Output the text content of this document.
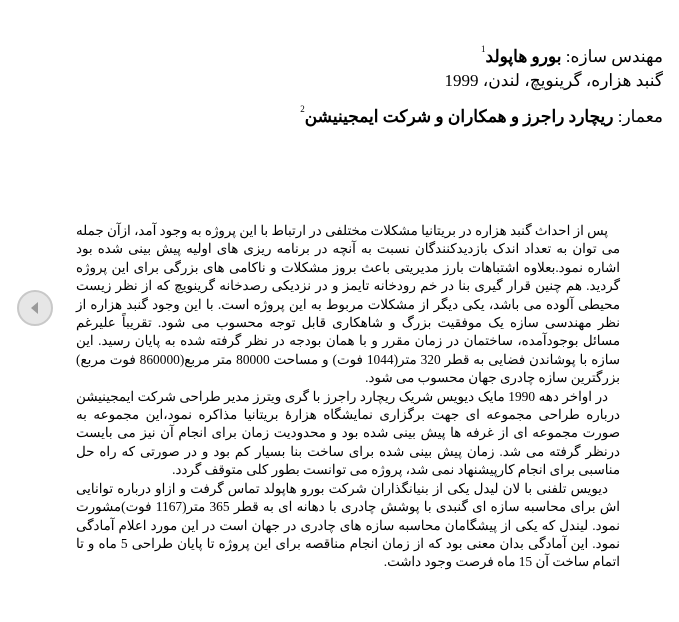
مهندس سازه: بورو هاپولد$^1$
گنبد هزاره، گرینویچ، لندن، 1999
معمار: ریچارد راجرز و همکاران و شرکت ایمجینیشن$^2$

پس از احداث گنبد هزاره در بریتانیا مشکلات مختلفی در ارتباط با این پروژه به وجود آمد، ازآن جمله می توان به تعداد اندک بازدیدکنندگان نسبت به آنچه در برنامه ریزی های اولیه پیش بینی شده بود اشاره نمود.بعلاوه اشتباهات بارز مدیریتی باعث بروز مشکلات و ناکامی های بزرگی برای این پروژه گردید. هم چنین قرار گیری بنا در خم رودخانه تایمز و در نزدیکی رصدخانه گرینویچ که از نظر زیست محیطی آلوده می باشد، یکی دیگر از مشکلات مربوط به این پروژه است. با این وجود گنبد هزاره از نظر مهندسی سازه یک موفقیت بزرگ و شاهکاری قابل توجه محسوب می شود. تقریباً علیرغم مسائل بوجودآمده، ساختمان در زمان مقرر و با همان بودجه در نظر گرفته شده به پایان رسید. این سازه با پوشاندن فضایی به قطر 320 متر(1044 فوت) و مساحت 80000 متر مربع(860000 فوت مربع) بزرگترین سازه چادری جهان محسوب می شود.

در اواخر دهه 1990 مایک دیویس شریک ریچارد راجرز با گری ویترز مدیر طراحی شرکت ایمجینیشن درباره طراحی مجموعه ای جهت برگزاری نمایشگاه هزارهٔ بریتانیا مذاکره نمود،این مجموعه به صورت مجموعه ای از غرفه ها پیش بینی شده بود و محدودیت زمان برای انجام آن نیز می بایست درنظر گرفته می شد. زمان پیش بینی شده برای ساخت بنا بسیار کم بود و در صورتی که راه حل مناسبی برای انجام کارپیشنهاد نمی شد، پروژه می توانست بطور کلی متوقف گردد.

دیویس تلفنی با لان لیدل یکی از بنیانگذاران شرکت بورو هاپولد تماس گرفت و ازاو درباره توانایی اش برای محاسبه سازه ای گنبدی با پوشش چادری با دهانه ای به قطر 365 متر(1167 فوت)مشورت نمود. لیندل که یکی از پیشگامان محاسبه سازه های چادری در جهان است در این مورد اعلام آمادگی نمود. این آمادگی بدان معنی بود که از زمان انجام مناقصه برای این پروژه تا پایان طراحی 5 ماه و تا اتمام ساخت آن 15 ماه فرصت وجود داشت.
